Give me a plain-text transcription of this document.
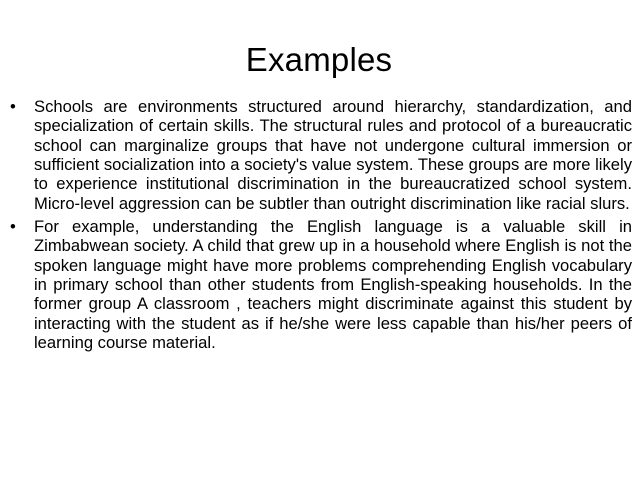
Examples
•	Schools are environments structured around hierarchy, standardization, and specialization of certain skills. The structural rules and protocol of a bureaucratic school can marginalize groups that have not undergone cultural immersion or sufficient socialization into a society's value system. These groups are more likely to experience institutional discrimination in the bureaucratized school system. Micro-level aggression can be subtler than outright discrimination like racial slurs.
•	For example, understanding the English language is a valuable skill in Zimbabwean society. A child that grew up in a household where English is not the spoken language might have more problems comprehending English vocabulary in primary school than other students from English-speaking households. In the former group A classroom , teachers might discriminate against this student by interacting with the student as if he/she were less capable than his/her peers of learning course material.
